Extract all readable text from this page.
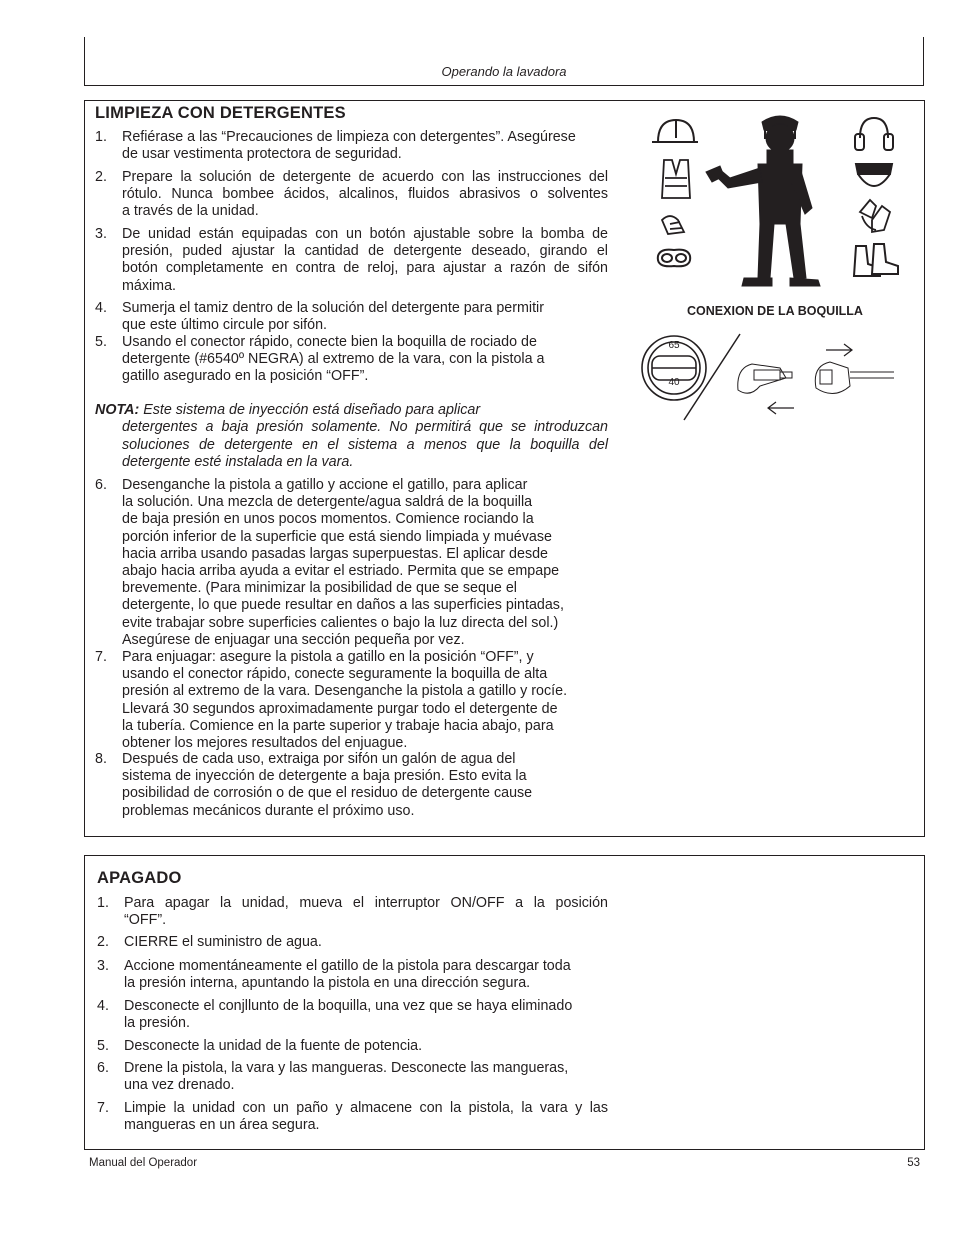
Operando la lavadora
LIMPIEZA CON DETERGENTES
1. Refiérase a las “Precauciones de limpieza con detergentes”. Asegúrese
de usar vestimenta protectora de seguridad.
2. Prepare la solución de detergente de acuerdo con las instrucciones del
rótulo. Nunca bombee ácidos, alcalinos, fluidos abrasivos o solventes
a través de la unidad.
3. De unidad están equipadas con un botón ajustable sobre la bomba de
presión, puded ajustar la cantidad de detergente deseado, girando el
botón completamente en contra de reloj, para ajustar a razón de sifón
máxima.
4. Sumerja el tamiz dentro de la solución del detergente para permitir
que este último circule por sifón.
5. Usando el conector rápido, conecte bien la boquilla de rociado de
detergente (#6540º NEGRA) al extremo de la vara, con la pistola a
gatillo asegurado en la posición “OFF”.
6. Desenganche la pistola a gatillo y accione el gatillo, para aplicar
la solución. Una mezcla de detergente/agua saldrá de la boquilla
de baja presión en unos pocos momentos. Comience rociando la
porción inferior de la superficie que está siendo limpiada y muévase
hacia arriba usando pasadas largas superpuestas. El aplicar desde
abajo hacia arriba ayuda a evitar el estriado. Permita que se empape
brevemente. (Para minimizar la posibilidad de que se seque el
detergente, lo que puede resultar en daños a las superficies pintadas,
evite trabajar sobre superficies calientes o bajo la luz directa del sol.)
Asegúrese de enjuagar una sección pequeña por vez.
7. Para enjuagar: asegure la pistola a gatillo en la posición “OFF”, y
usando el conector rápido, conecte seguramente la boquilla de alta
presión al extremo de la vara. Desenganche la pistola a gatillo y rocíe.
Llevará 30 segundos aproximadamente purgar todo el detergente de
la tubería. Comience en la parte superior y trabaje hacia abajo, para
obtener los mejores resultados del enjuague.
8. Después de cada uso, extraiga por sifón un galón de agua del
sistema de inyección de detergente a baja presión. Esto evita la
posibilidad de corrosión o de que el residuo de detergente cause
problemas mecánicos durante el próximo uso.
NOTA: Este sistema de inyección está diseñado para aplicar
detergentes a baja presión solamente. No permitirá que se introduzcan soluciones de detergente en el sistema a menos que la boquilla del detergente esté instalada en la vara.
CONEXION DE LA BOQUILLA
65
40
APAGADO
1. Para apagar la unidad, mueva el interruptor ON/OFF a la posición
“OFF”.
2. CIERRE el suministro de agua.
3. Accione momentáneamente el gatillo de la pistola para descargar toda
la presión interna, apuntando la pistola en una dirección segura.
4. Desconecte el conjllunto de la boquilla, una vez que se haya eliminado
la presión.
5. Desconecte la unidad de la fuente de potencia.
6. Drene la pistola, la vara y las mangueras. Desconecte las mangueras,
una vez drenado.
7. Limpie la unidad con un paño y almacene con la pistola, la vara y las
mangueras en un área segura.
Manual del Operador	53
